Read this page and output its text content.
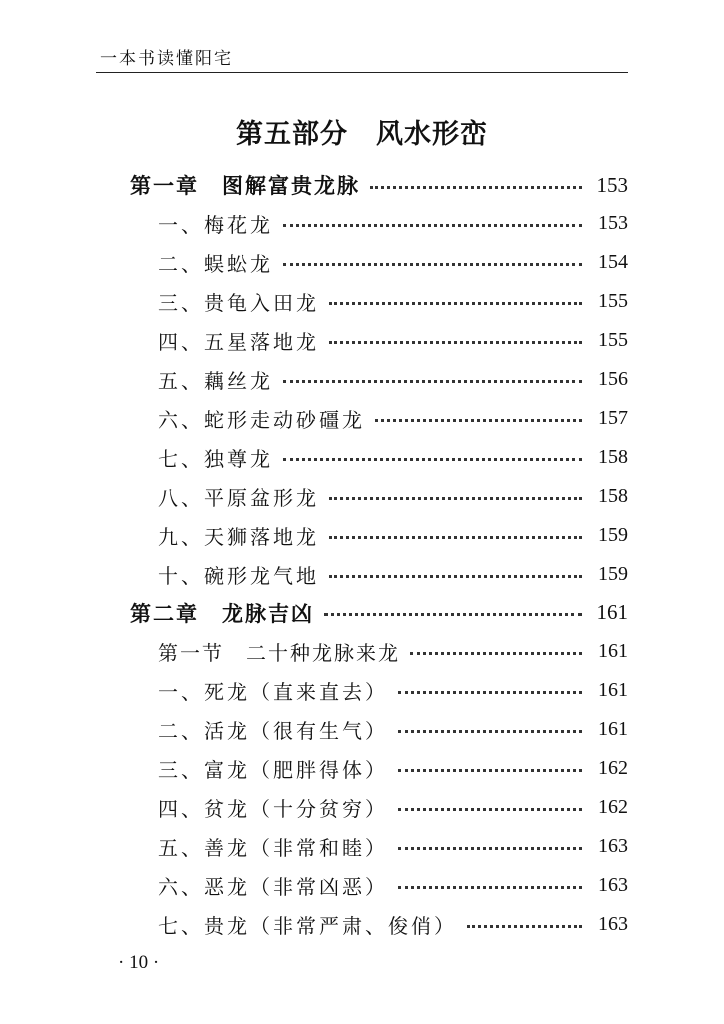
一本书读懂阳宅
第五部分　风水形峦
第一章　图解富贵龙脉	153
一、梅花龙	153
二、蜈蚣龙	154
三、贵龟入田龙	155
四、五星落地龙	155
五、藕丝龙	156
六、蛇形走动砂礓龙	157
七、独尊龙	158
八、平原盆形龙	158
九、天狮落地龙	159
十、碗形龙气地	159
第二章　龙脉吉凶	161
第一节　二十种龙脉来龙	161
一、死龙（直来直去）	161
二、活龙（很有生气）	161
三、富龙（肥胖得体）	162
四、贫龙（十分贫穷）	162
五、善龙（非常和睦）	163
六、恶龙（非常凶恶）	163
七、贵龙（非常严肃、俊俏）	163
· 10 ·
